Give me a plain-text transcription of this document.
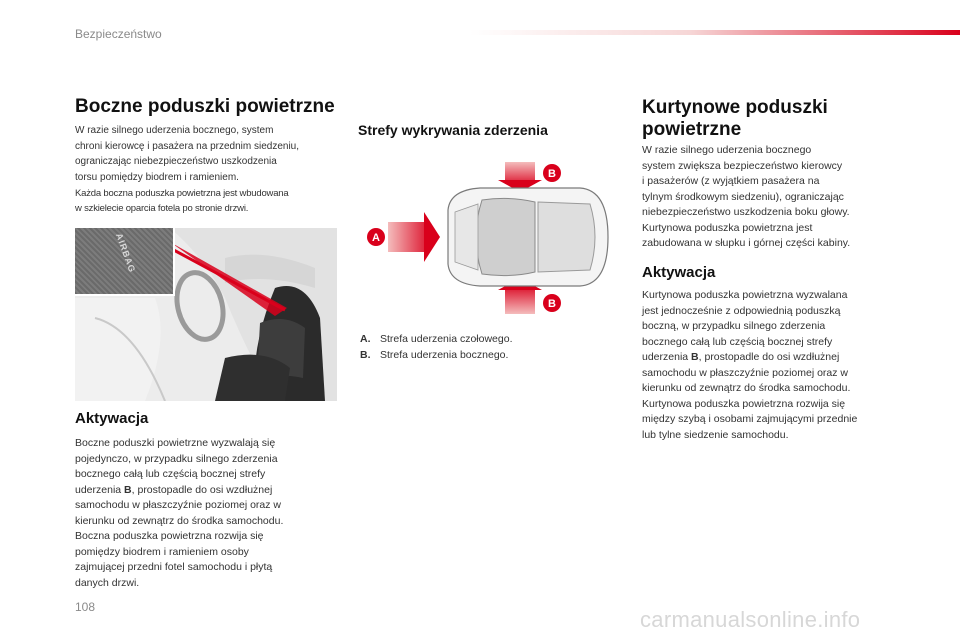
Bezpieczeństwo
Boczne poduszki powietrzne
W razie silnego uderzenia bocznego, system
chroni kierowcę i pasażera na przednim siedzeniu,
ograniczając niebezpieczeństwo uszkodzenia
torsu pomiędzy biodrem i ramieniem.
Każda boczna poduszka powietrzna jest wbudowana
w szkielecie oparcia fotela po stronie drzwi.
AIRBAG
Aktywacja
Boczne poduszki powietrzne wyzwalają się
pojedynczo, w przypadku silnego zderzenia
bocznego całą lub częścią bocznej strefy
uderzenia B, prostopadle do osi wzdłużnej
samochodu w płaszczyźnie poziomej oraz w
kierunku od zewnątrz do środka samochodu.
Boczna poduszka powietrzna rozwija się
pomiędzy biodrem i ramieniem osoby
zajmującej przedni fotel samochodu i płytą
danych drzwi.
Strefy wykrywania zderzenia
A
B
B
A. Strefa uderzenia czołowego.
B. Strefa uderzenia bocznego.
Kurtynowe poduszki
powietrzne
W razie silnego uderzenia bocznego
system zwiększa bezpieczeństwo kierowcy
i pasażerów (z wyjątkiem pasażera na
tylnym środkowym siedzeniu), ograniczając
niebezpieczeństwo uszkodzenia boku głowy.
Kurtynowa poduszka powietrzna jest
zabudowana w słupku i górnej części kabiny.
Aktywacja
Kurtynowa poduszka powietrzna wyzwalana
jest jednocześnie z odpowiednią poduszką
boczną, w przypadku silnego zderzenia
bocznego całą lub częścią bocznej strefy
uderzenia B, prostopadle do osi wzdłużnej
samochodu w płaszczyźnie poziomej oraz w
kierunku od zewnątrz do środka samochodu.
Kurtynowa poduszka powietrzna rozwija się
między szybą i osobami zajmującymi przednie
lub tylne siedzenie samochodu.
108	carmanualsonline.info
